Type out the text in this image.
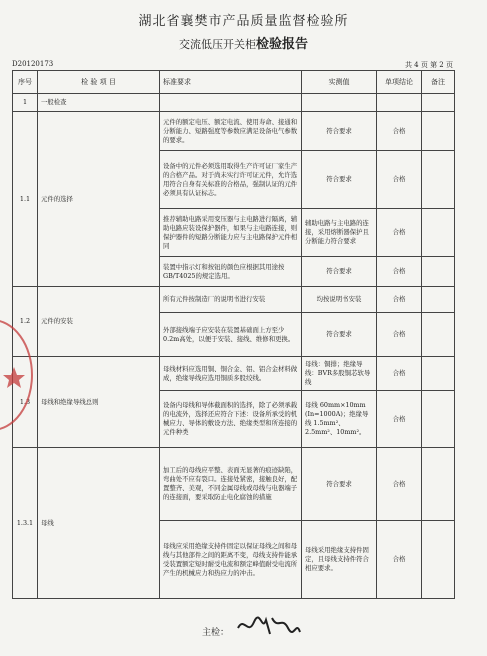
湖北省襄樊市产品质量监督检验所
交流低压开关柜检验报告
D20120173	共 4 页 第 2 页
序号	检 验 项 目	标准要求	实测值	单项结论	备注
1	一般检查				
1.1	元件的选择	元件的额定电压、额定电流、使用寿命、接通和分断能力、短路强度等参数应满足设备电气参数的要求。	符合要求	合格	
		设备中的元件必须选用取得生产许可证厂家生产的合格产品。对于尚未实行许可证元件，允许选用符合自身有关标准的合格品，强制认证的元件必须具有认证标志。	符合要求	合格	
		推荐辅助电路采用变压器与主电路进行隔离，辅助电路应装设保护器件，如果与主电路连接，则保护器件的短路分断能力应与主电路保护元件相同	辅助电路与主电路的连接，采用熔断器保护且分断能力符合要求	合格	
		装置中指示灯和按钮的颜色应根据其用途按GB/T4025的规定选用。	符合要求	合格	
1.2	元件的安装	所有元件按制造厂的说明书进行安装	均按说明书安装	合格	
		外部接线端子应安装在装置基础面上方至少0.2m高处，以便于安装、接线、维修和更换。	符合要求	合格	
1.3	母线和绝缘导线总则	母线材料应选用铜、铜合金、铝、铝合金材料做成，绝缘导线应选用铜质多股绞线。	母线：铜排；绝缘导线：BVR多股铜芯软导线	合格	
		设备内母线和导体截面积的选择，除了必须承载的电流外，选择还应符合下述：设备所承受的机械应力、导体的敷设方法、绝缘类型和所连接的元件种类	母线 60mm×10mm (In=1000A)；绝缘导线 1.5mm²、2.5mm²、10mm²。	合格	
1.3.1	母线	加工后的母线应平整、表面无显著的痕迹缺陷，弯曲处不应有裂口。连接处紧密，接触良好，配置整齐、美观，不同金属母线或母线与电器端子的连接面，要采取防止电化腐蚀的措施	符合要求	合格	
		母线应采用绝缘支持件固定以保证母线之间和母线与其他部件之间的距离不变，母线支持件能承受装置额定短时耐受电流和额定峰值耐受电流所产生的机械应力和热应力的冲击。	母线采用绝缘支持件固定，且母线支持件符合相应要求。	合格	
主检：
